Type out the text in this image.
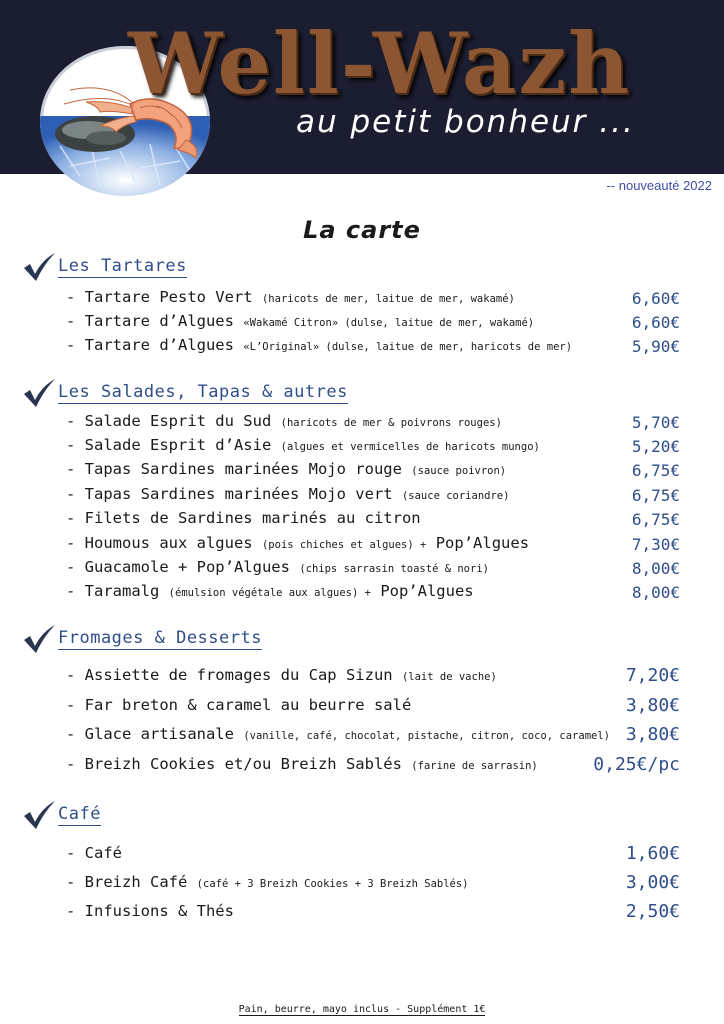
Well-Wazh
au petit bonheur ...
-- nouveauté 2022
La carte
Les Tartares
- Tartare Pesto Vert (haricots de mer, laitue de mer, wakamé)	6,60€
- Tartare d’Algues «Wakamé Citron» (dulse, laitue de mer, wakamé)	6,60€
- Tartare d’Algues «L’Original» (dulse, laitue de mer, haricots de mer)	5,90€
Les Salades, Tapas & autres
- Salade Esprit du Sud (haricots de mer & poivrons rouges)	5,70€
- Salade Esprit d’Asie (algues et vermicelles de haricots mungo)	5,20€
- Tapas Sardines marinées Mojo rouge (sauce poivron)	6,75€
- Tapas Sardines marinées Mojo vert (sauce coriandre)	6,75€
- Filets de Sardines marinés au citron	6,75€
- Houmous aux algues (pois chiches et algues) + Pop’Algues	7,30€
- Guacamole + Pop’Algues (chips sarrasin toasté & nori)	8,00€
- Taramalg (émulsion végétale aux algues) + Pop’Algues	8,00€
Fromages & Desserts
- Assiette de fromages du Cap Sizun (lait de vache)	7,20€
- Far breton & caramel au beurre salé	3,80€
- Glace artisanale (vanille, café, chocolat, pistache, citron, coco, caramel) 3,80€
- Breizh Cookies et/ou Breizh Sablés (farine de sarrasin)	0,25€/pc
Café
- Café	1,60€
- Breizh Café (café + 3 Breizh Cookies + 3 Breizh Sablés)	3,00€
- Infusions & Thés	2,50€
Pain, beurre, mayo inclus - Supplément 1€
